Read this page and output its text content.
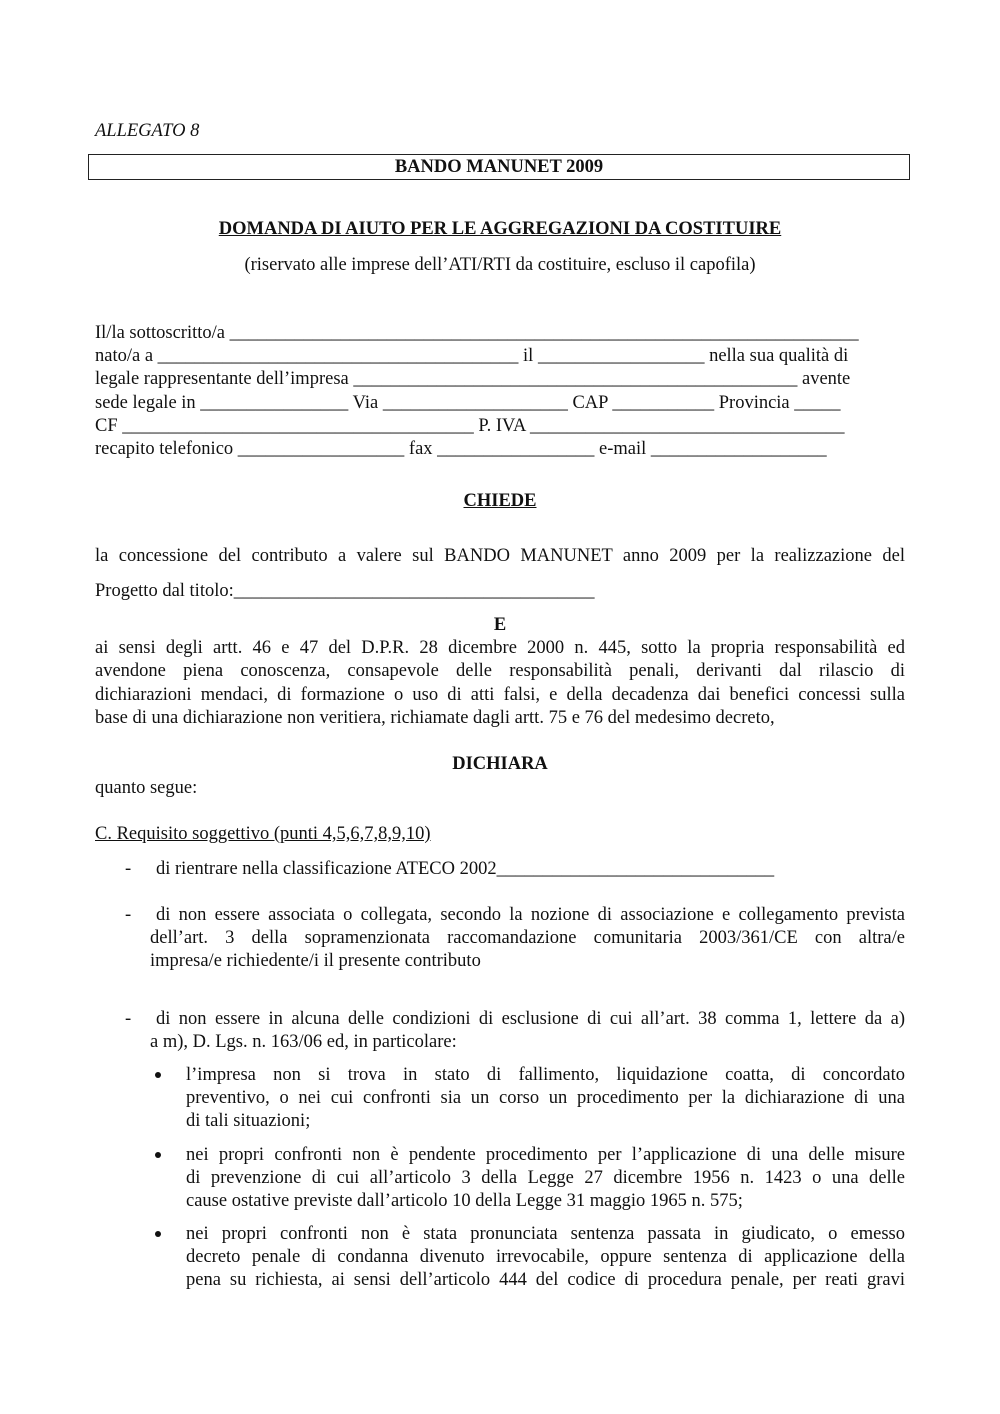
ALLEGATO 8
BANDO MANUNET 2009
DOMANDA DI AIUTO PER LE AGGREGAZIONI DA COSTITUIRE
(riservato alle imprese dell’ATI/RTI da costituire, escluso il capofila)
Il/la sottoscritto/a ____________________________________________________________________
nato/a a _______________________________________ il __________________ nella sua qualità di
legale rappresentante dell’impresa ________________________________________________ avente
sede legale in ________________ Via ____________________ CAP ___________ Provincia _____
CF ______________________________________ P. IVA __________________________________
recapito telefonico __________________ fax _________________ e-mail ___________________
CHIEDE
la concessione del contributo a valere sul BANDO MANUNET anno 2009 per la realizzazione del
Progetto dal titolo:_______________________________________
E
ai sensi degli artt. 46 e 47 del D.P.R. 28 dicembre 2000 n. 445, sotto la propria responsabilità ed
avendone piena conoscenza, consapevole delle responsabilità penali, derivanti dal rilascio di
dichiarazioni mendaci, di formazione o uso di atti falsi, e della decadenza dai benefici concessi sulla
base di una dichiarazione non veritiera, richiamate dagli artt. 75 e 76 del medesimo decreto,
DICHIARA
quanto segue:
C. Requisito soggettivo (punti 4,5,6,7,8,9,10)
-	di rientrare nella classificazione ATECO 2002______________________________
-	di non essere associata o collegata, secondo la nozione di associazione e collegamento prevista
dell’art. 3 della sopramenzionata raccomandazione comunitaria 2003/361/CE con altra/e
impresa/e richiedente/i il presente contributo
-	di non essere in alcuna delle condizioni di esclusione di cui all’art. 38 comma 1, lettere da a)
a m), D. Lgs. n. 163/06 ed, in particolare:
l’impresa non si trova in stato di fallimento, liquidazione coatta, di concordato
preventivo, o nei cui confronti sia un corso un procedimento per la dichiarazione di una
di tali situazioni;
nei propri confronti non è pendente procedimento per l’applicazione di una delle misure
di prevenzione di cui all’articolo 3 della Legge 27 dicembre 1956 n. 1423 o una delle
cause ostative previste dall’articolo 10 della Legge 31 maggio 1965 n. 575;
nei propri confronti non è stata pronunciata sentenza passata in giudicato, o emesso
decreto penale di condanna divenuto irrevocabile, oppure sentenza di applicazione della
pena su richiesta, ai sensi dell’articolo 444 del codice di procedura penale, per reati gravi
